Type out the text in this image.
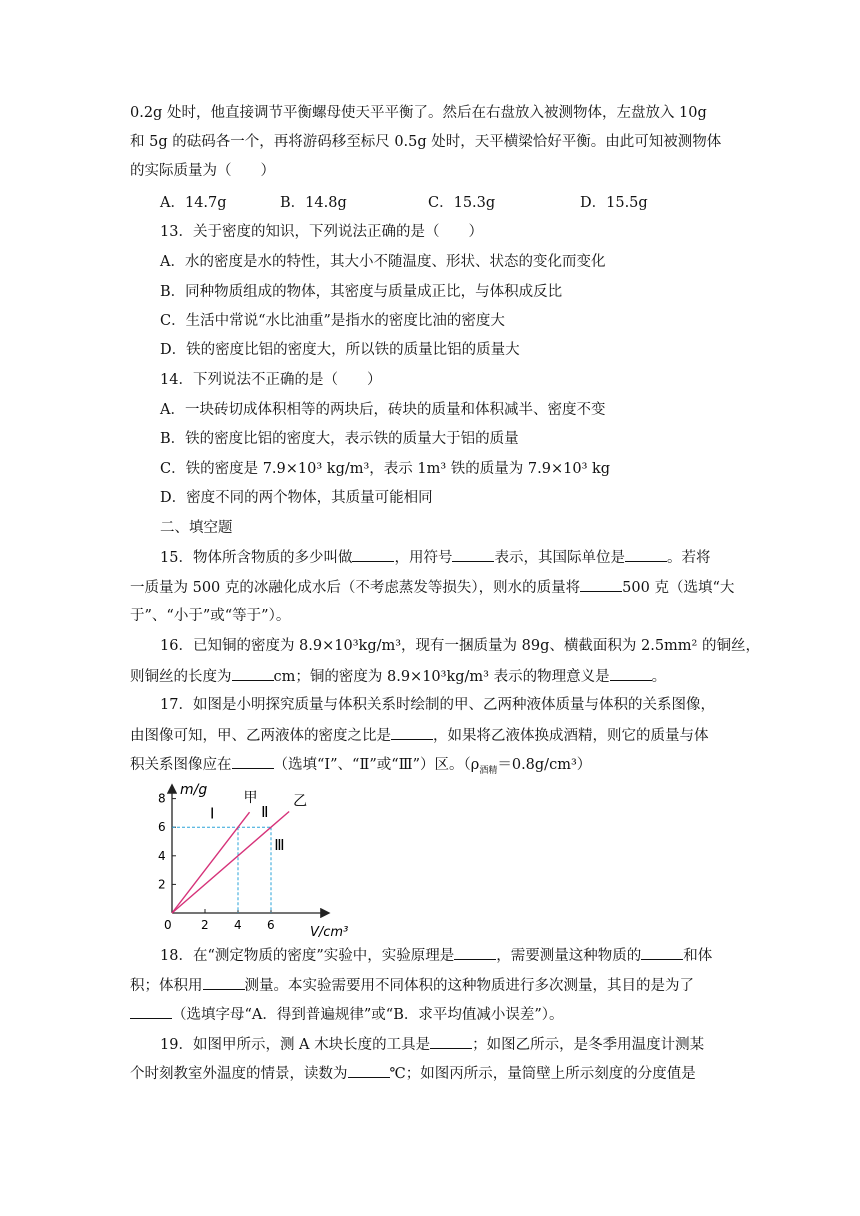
0.2g 处时，他直接调节平衡螺母使天平平衡了。然后在右盘放入被测物体，左盘放入 10g
和 5g 的砝码各一个，再将游码移至标尺 0.5g 处时，天平横梁恰好平衡。由此可知被测物体
的实际质量为（　　）
A．14.7g	B．14.8g	C．15.3g	D．15.5g
13．关于密度的知识，下列说法正确的是（　　）
A．水的密度是水的特性，其大小不随温度、形状、状态的变化而变化
B．同种物质组成的物体，其密度与质量成正比，与体积成反比
C．生活中常说“水比油重”是指水的密度比油的密度大
D．铁的密度比铝的密度大，所以铁的质量比铝的质量大
14．下列说法不正确的是（　　）
A．一块砖切成体积相等的两块后，砖块的质量和体积减半、密度不变
B．铁的密度比铝的密度大，表示铁的质量大于铝的质量
C．铁的密度是 7.9×10³ kg/m³，表示 1m³ 铁的质量为 7.9×10³ kg
D．密度不同的两个物体，其质量可能相同
二、填空题
15．物体所含物质的多少叫做	，用符号	表示，其国际单位是	。若将
一质量为 500 克的冰融化成水后（不考虑蒸发等损失），则水的质量将	500 克（选填“大
于”、“小于”或“等于”）。
16．已知铜的密度为 8.9×10³kg/m³，现有一捆质量为 89g、横截面积为 2.5mm² 的铜丝，
则铜丝的长度为	cm；铜的密度为 8.9×10³kg/m³ 表示的物理意义是	。
17．如图是小明探究质量与体积关系时绘制的甲、乙两种液体质量与体积的关系图像，
由图像可知，甲、乙两液体的密度之比是	，如果将乙液体换成酒精，则它的质量与体
积关系图像应在	（选填“Ⅰ”、“Ⅱ”或“Ⅲ”）区。$(\rho_{酒精}=0.8g/cm^3)$
m/g
V/cm³
0 2 4 6
2
4
6
8	甲	乙
Ⅰ	Ⅱ
Ⅲ
18．在“测定物质的密度”实验中，实验原理是	，需要测量这种物质的	和体
积；体积用	测量。本实验需要用不同体积的这种物质进行多次测量，其目的是为了
（选填字母“A．得到普遍规律”或“B．求平均值减小误差”）。
19．如图甲所示，测 A 木块长度的工具是	；如图乙所示，是冬季用温度计测某
个时刻教室外温度的情景，读数为	℃；如图丙所示，量筒壁上所示刻度的分度值是
